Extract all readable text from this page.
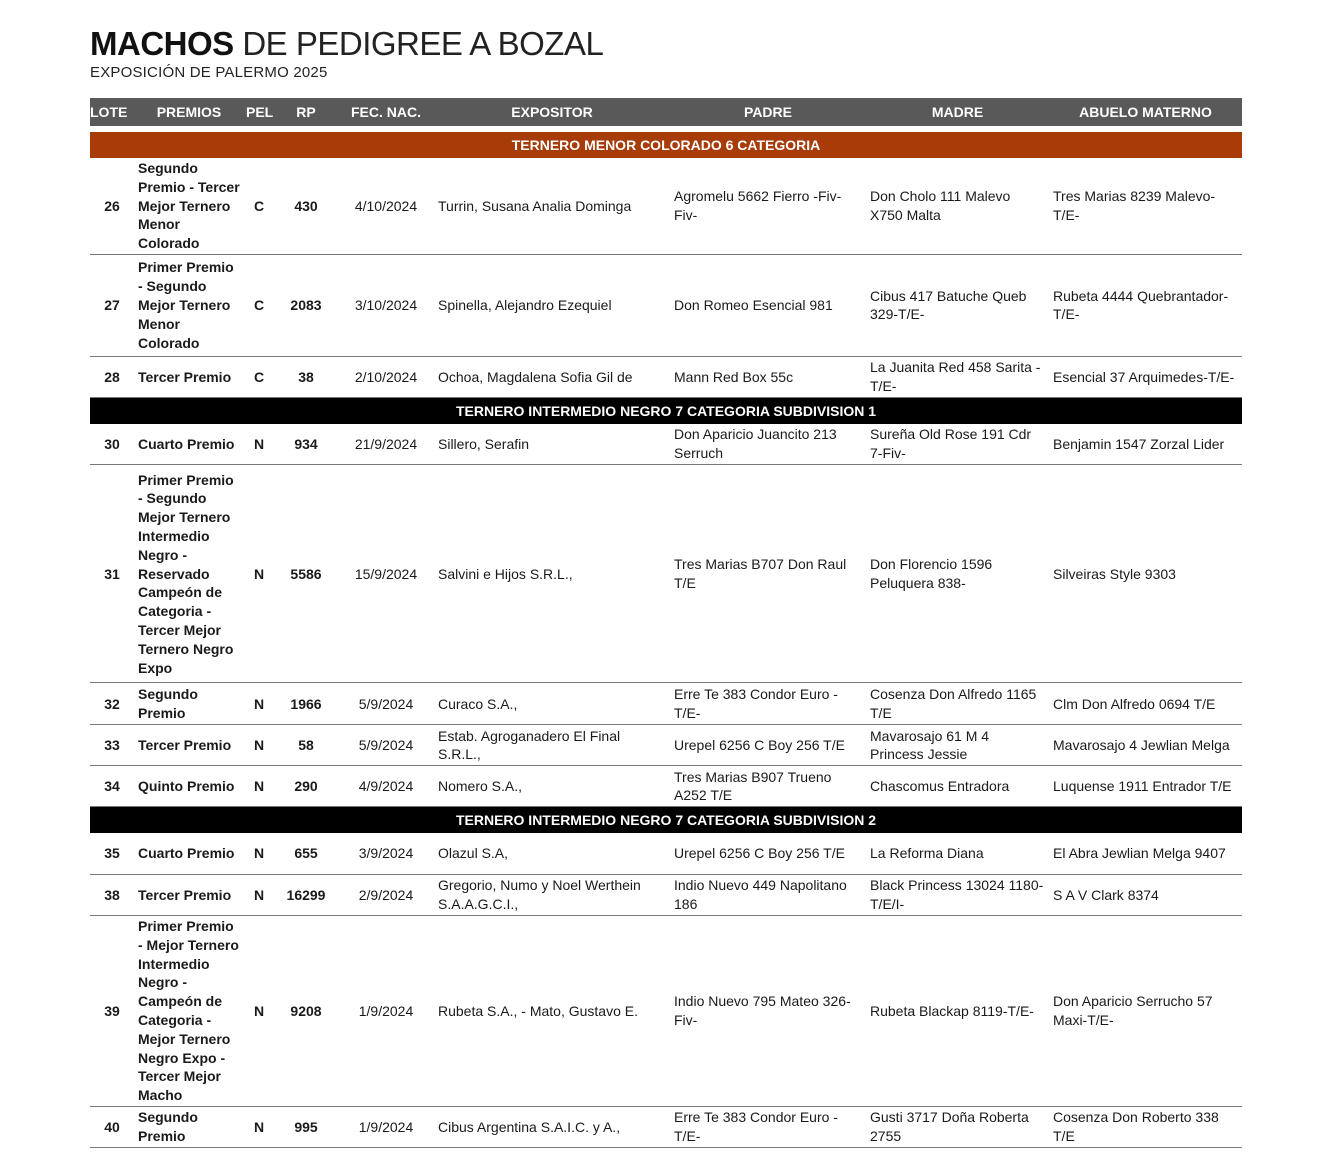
MACHOS DE PEDIGREE A BOZAL
EXPOSICIÓN DE PALERMO 2025
LOTE	PREMIOS	PEL	RP	FEC. NAC.	EXPOSITOR	PADRE	MADRE	ABUELO MATERNO
TERNERO MENOR COLORADO 6 CATEGORIA								
26	Segundo Premio - Tercer Mejor Ternero Menor Colorado	C	430	4/10/2024	Turrin, Susana Analia Dominga	Agromelu 5662 Fierro -Fiv-Fiv-	Don Cholo 111 Malevo X750 Malta	Tres Marias 8239 Malevo-T/E-
27	Primer Premio - Segundo Mejor Ternero Menor Colorado	C	2083	3/10/2024	Spinella, Alejandro Ezequiel	Don Romeo Esencial 981	Cibus 417 Batuche Queb 329-T/E-	Rubeta 4444 Quebrantador-T/E-
28	Tercer Premio	C	38	2/10/2024	Ochoa, Magdalena Sofia Gil de	Mann Red Box 55c	La Juanita Red 458 Sarita -T/E-	Esencial 37 Arquimedes-T/E-
TERNERO INTERMEDIO NEGRO 7 CATEGORIA SUBDIVISION 1								
30	Cuarto Premio	N	934	21/9/2024	Sillero, Serafin	Don Aparicio Juancito 213 Serruch	Sureña Old Rose 191 Cdr 7-Fiv-	Benjamin 1547 Zorzal Lider
31	Primer Premio - Segundo Mejor Ternero Intermedio Negro - Reservado Campeón de Categoria - Tercer Mejor Ternero Negro Expo	N	5586	15/9/2024	Salvini e Hijos S.R.L.,	Tres Marias B707 Don Raul T/E	Don Florencio 1596 Peluquera 838-	Silveiras Style 9303
32	Segundo Premio	N	1966	5/9/2024	Curaco S.A.,	Erre Te 383 Condor Euro -T/E-	Cosenza Don Alfredo 1165 T/E	Clm Don Alfredo 0694 T/E
33	Tercer Premio	N	58	5/9/2024	Estab. Agroganadero El Final S.R.L.,	Urepel 6256 C Boy 256 T/E	Mavarosajo 61 M 4 Princess Jessie	Mavarosajo 4 Jewlian Melga
34	Quinto Premio	N	290	4/9/2024	Nomero S.A.,	Tres Marias B907 Trueno A252 T/E	Chascomus Entradora	Luquense 1911 Entrador T/E
TERNERO INTERMEDIO NEGRO 7 CATEGORIA SUBDIVISION 2								
35	Cuarto Premio	N	655	3/9/2024	Olazul S.A,	Urepel 6256 C Boy 256 T/E	La Reforma Diana	El Abra Jewlian Melga 9407
38	Tercer Premio	N	16299	2/9/2024	Gregorio, Numo y Noel Werthein S.A.A.G.C.I.,	Indio Nuevo 449 Napolitano 186	Black Princess 13024 1180-T/E/I-	S A V Clark 8374
39	Primer Premio - Mejor Ternero Intermedio Negro - Campeón de Categoria - Mejor Ternero Negro Expo - Tercer Mejor Macho	N	9208	1/9/2024	Rubeta S.A., - Mato, Gustavo E.	Indio Nuevo 795 Mateo 326-Fiv-	Rubeta Blackap 8119-T/E-	Don Aparicio Serrucho 57 Maxi-T/E-
40	Segundo Premio	N	995	1/9/2024	Cibus Argentina S.A.I.C. y A.,	Erre Te 383 Condor Euro -T/E-	Gusti 3717 Doña Roberta 2755	Cosenza Don Roberto 338 T/E
